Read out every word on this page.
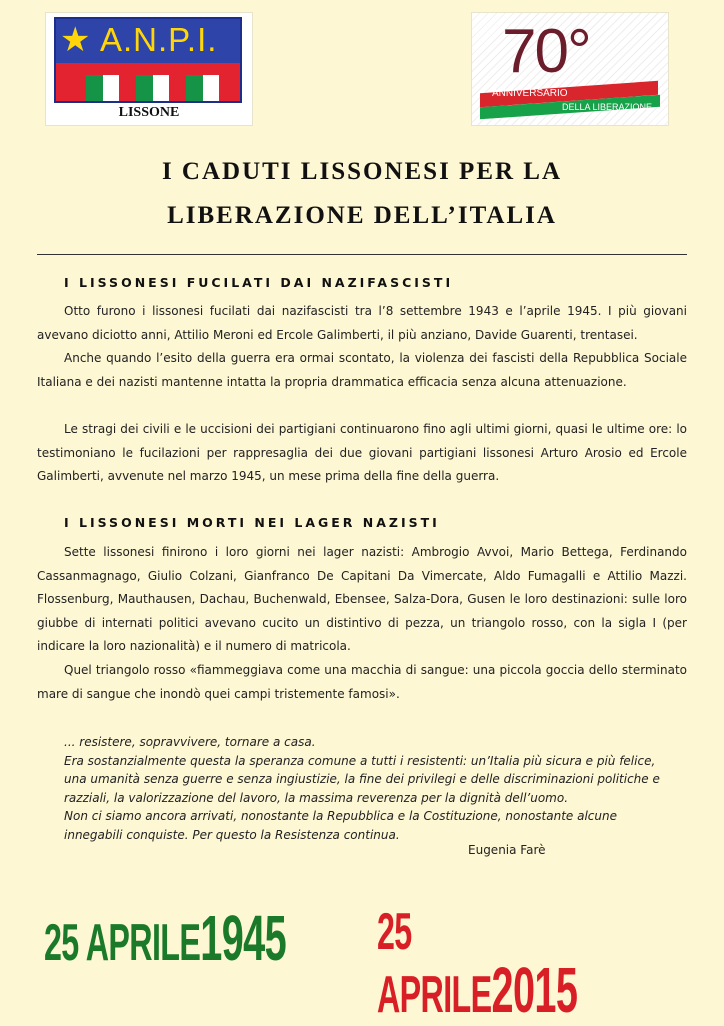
★ A.N.P.I.
LISSONE
70°
ANNIVERSARIO
DELLA LIBERAZIONE
I CADUTI LISSONESI PER LA
LIBERAZIONE DELL’ITALIA
I LISSONESI FUCILATI DAI NAZIFASCISTI
Otto furono i lissonesi fucilati dai nazifascisti tra l’8 settembre 1943 e l’aprile 1945. I più giovani avevano diciotto anni, Attilio Meroni ed Ercole Galimberti, il più anziano, Davide Guarenti, trentasei.
Anche quando l’esito della guerra era ormai scontato, la violenza dei fascisti della Repubblica Sociale Italiana e dei nazisti mantenne intatta la propria drammatica efficacia senza alcuna attenuazione.
Le stragi dei civili e le uccisioni dei partigiani continuarono fino agli ultimi giorni, quasi le ultime ore: lo testimoniano le fucilazioni per rappresaglia dei due giovani partigiani lissonesi Arturo Arosio ed Ercole Galimberti, avvenute nel marzo 1945, un mese prima della fine della guerra.
I LISSONESI MORTI NEI LAGER NAZISTI
Sette lissonesi finirono i loro giorni nei lager nazisti: Ambrogio Avvoi, Mario Bettega, Ferdinando Cassanmagnago, Giulio Colzani, Gianfranco De Capitani Da Vimercate, Aldo Fumagalli e Attilio Mazzi. Flossenburg, Mauthausen, Dachau, Buchenwald, Ebensee, Salza-Dora, Gusen le loro destinazioni: sulle loro giubbe di internati politici avevano cucito un distintivo di pezza, un triangolo rosso, con la sigla I (per indicare la loro nazionalità) e il numero di matricola.
Quel triangolo rosso «fiammeggiava come una macchia di sangue: una piccola goccia dello sterminato mare di sangue che inondò quei campi tristemente famosi».

... resistere, sopravvivere, tornare a casa.

Era sostanzialmente questa la speranza comune a tutti i resistenti: un’Italia più sicura e più felice, una umanità senza guerre e senza ingiustizie, la fine dei privilegi e delle discriminazioni politiche e razziali, la valorizzazione del lavoro, la massima reverenza per la dignità dell’uomo.

Non ci siamo ancora arrivati, nonostante la Repubblica e la Costituzione, nonostante alcune innegabili conquiste. Per questo la Resistenza continua.

Eugenia Farè
25 APRILE1945 25 APRILE2015
